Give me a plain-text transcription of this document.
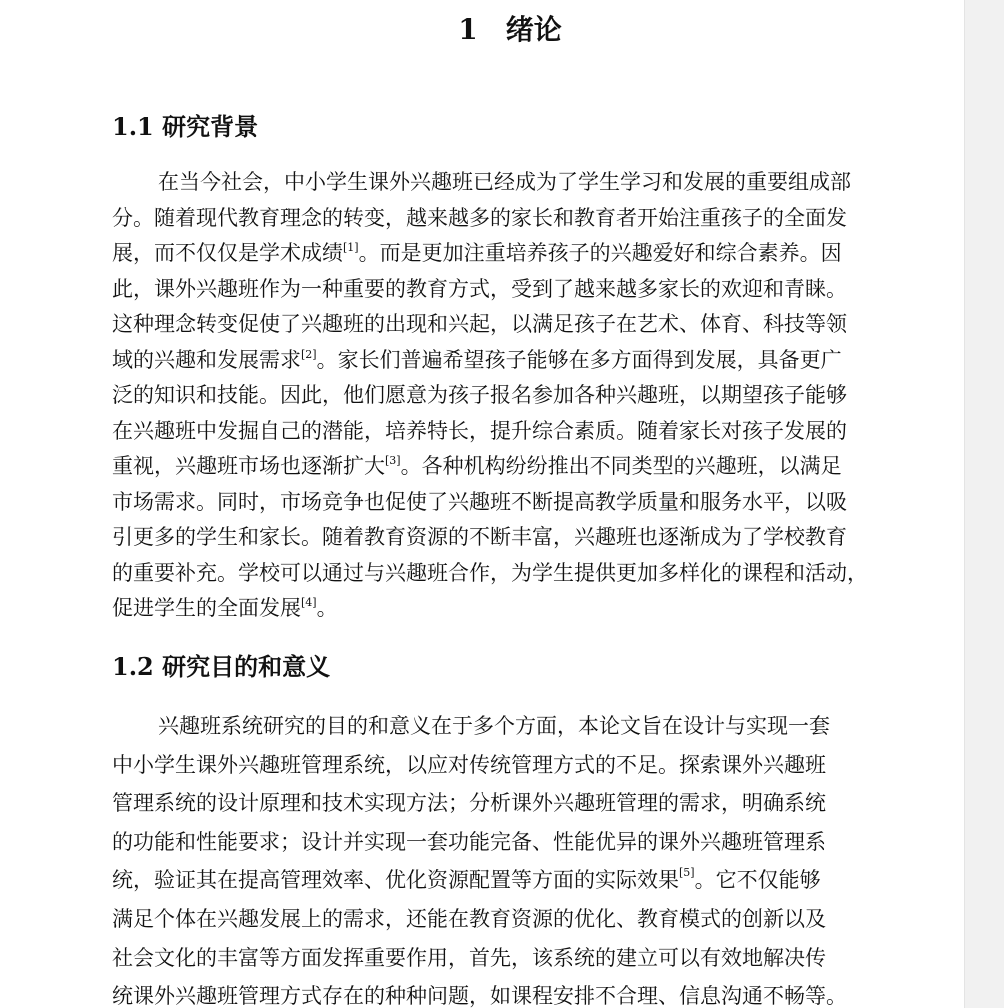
1　绪论
1.1 研究背景
在当今社会，中小学生课外兴趣班已经成为了学生学习和发展的重要组成部
分。随着现代教育理念的转变，越来越多的家长和教育者开始注重孩子的全面发
展，而不仅仅是学术成绩[1]。而是更加注重培养孩子的兴趣爱好和综合素养。因
此，课外兴趣班作为一种重要的教育方式，受到了越来越多家长的欢迎和青睐。
这种理念转变促使了兴趣班的出现和兴起，以满足孩子在艺术、体育、科技等领
域的兴趣和发展需求[2]。家长们普遍希望孩子能够在多方面得到发展，具备更广
泛的知识和技能。因此，他们愿意为孩子报名参加各种兴趣班，以期望孩子能够
在兴趣班中发掘自己的潜能，培养特长，提升综合素质。随着家长对孩子发展的
重视，兴趣班市场也逐渐扩大[3]。各种机构纷纷推出不同类型的兴趣班，以满足
市场需求。同时，市场竞争也促使了兴趣班不断提高教学质量和服务水平，以吸
引更多的学生和家长。随着教育资源的不断丰富，兴趣班也逐渐成为了学校教育
的重要补充。学校可以通过与兴趣班合作，为学生提供更加多样化的课程和活动，
促进学生的全面发展[4]。
1.2 研究目的和意义
兴趣班系统研究的目的和意义在于多个方面，本论文旨在设计与实现一套
中小学生课外兴趣班管理系统，以应对传统管理方式的不足。探索课外兴趣班
管理系统的设计原理和技术实现方法；分析课外兴趣班管理的需求，明确系统
的功能和性能要求；设计并实现一套功能完备、性能优异的课外兴趣班管理系
统，验证其在提高管理效率、优化资源配置等方面的实际效果[5]。它不仅能够
满足个体在兴趣发展上的需求，还能在教育资源的优化、教育模式的创新以及
社会文化的丰富等方面发挥重要作用，首先，该系统的建立可以有效地解决传
统课外兴趣班管理方式存在的种种问题，如课程安排不合理、信息沟通不畅等。
